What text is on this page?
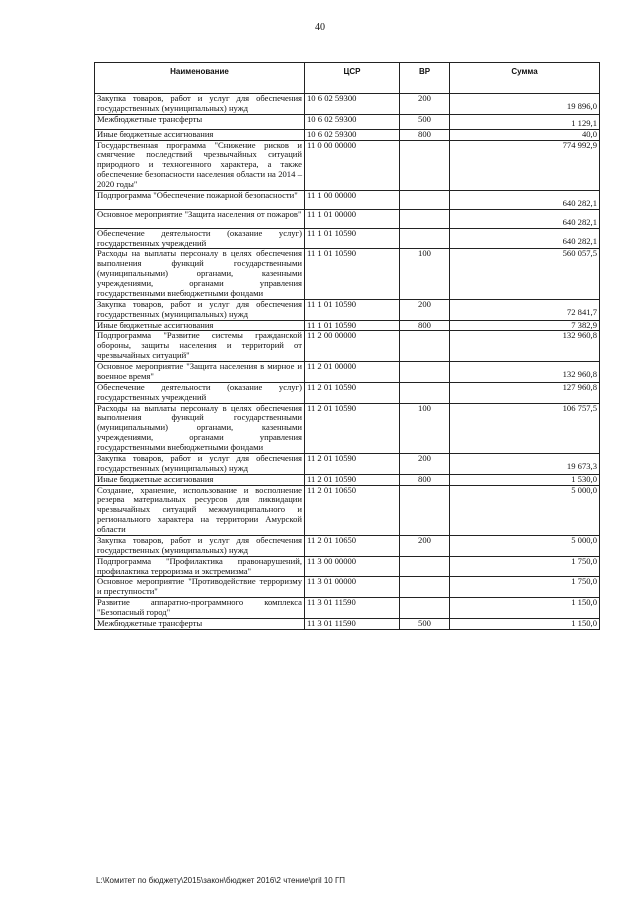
40
Наименование	ЦСР	ВР	Сумма
Закупка товаров, работ и услуг для обеспечения государственных (муниципальных) нужд	10 6 02 59300	200	19 896,0
Межбюджетные трансферты	10 6 02 59300	500	1 129,1
Иные бюджетные ассигнования	10 6 02 59300	800	40,0
Государственная программа "Снижение рисков и смягчение последствий чрезвычайных ситуаций природного и техногенного характера, а также обеспечение безопасности населения области на 2014 – 2020 годы"	11 0 00 00000		774 992,9
Подпрограмма "Обеспечение пожарной безопасности"	11 1 00 00000		640 282,1
Основное мероприятие "Защита населения от пожаров"	11 1 01 00000		640 282,1
Обеспечение деятельности (оказание услуг) государственных учреждений	11 1 01 10590		640 282,1
Расходы на выплаты персоналу в целях обеспечения выполнения функций государственными (муниципальными) органами, казенными учреждениями, органами управления государственными внебюджетными фондами	11 1 01 10590	100	560 057,5
Закупка товаров, работ и услуг для обеспечения государственных (муниципальных) нужд	11 1 01 10590	200	72 841,7
Иные бюджетные ассигнования	11 1 01 10590	800	7 382,9
Подпрограмма "Развитие системы гражданской обороны, защиты населения и территорий от чрезвычайных ситуаций"	11 2 00 00000		132 960,8
Основное мероприятие "Защита населения в мирное и военное время"	11 2 01 00000		132 960,8
Обеспечение деятельности (оказание услуг) государственных учреждений	11 2 01 10590		127 960,8
Расходы на выплаты персоналу в целях обеспечения выполнения функций государственными (муниципальными) органами, казенными учреждениями, органами управления государственными внебюджетными фондами	11 2 01 10590	100	106 757,5
Закупка товаров, работ и услуг для обеспечения государственных (муниципальных) нужд	11 2 01 10590	200	19 673,3
Иные бюджетные ассигнования	11 2 01 10590	800	1 530,0
Создание, хранение, использование и восполнение резерва материальных ресурсов для ликвидации чрезвычайных ситуаций межмуниципального и регионального характера на территории Амурской области	11 2 01 10650		5 000,0
Закупка товаров, работ и услуг для обеспечения государственных (муниципальных) нужд	11 2 01 10650	200	5 000,0
Подпрограмма "Профилактика правонарушений, профилактика терроризма и экстремизма"	11 3 00 00000		1 750,0
Основное мероприятие "Противодействие терроризму и преступности"	11 3 01 00000		1 750,0
Развитие аппаратно-программного комплекса "Безопасный город"	11 3 01 11590		1 150,0
Межбюджетные трансферты	11 3 01 11590	500	1 150,0
L:\Комитет по бюджету\2015\закон\бюджет 2016\2 чтение\pril 10 ГП
